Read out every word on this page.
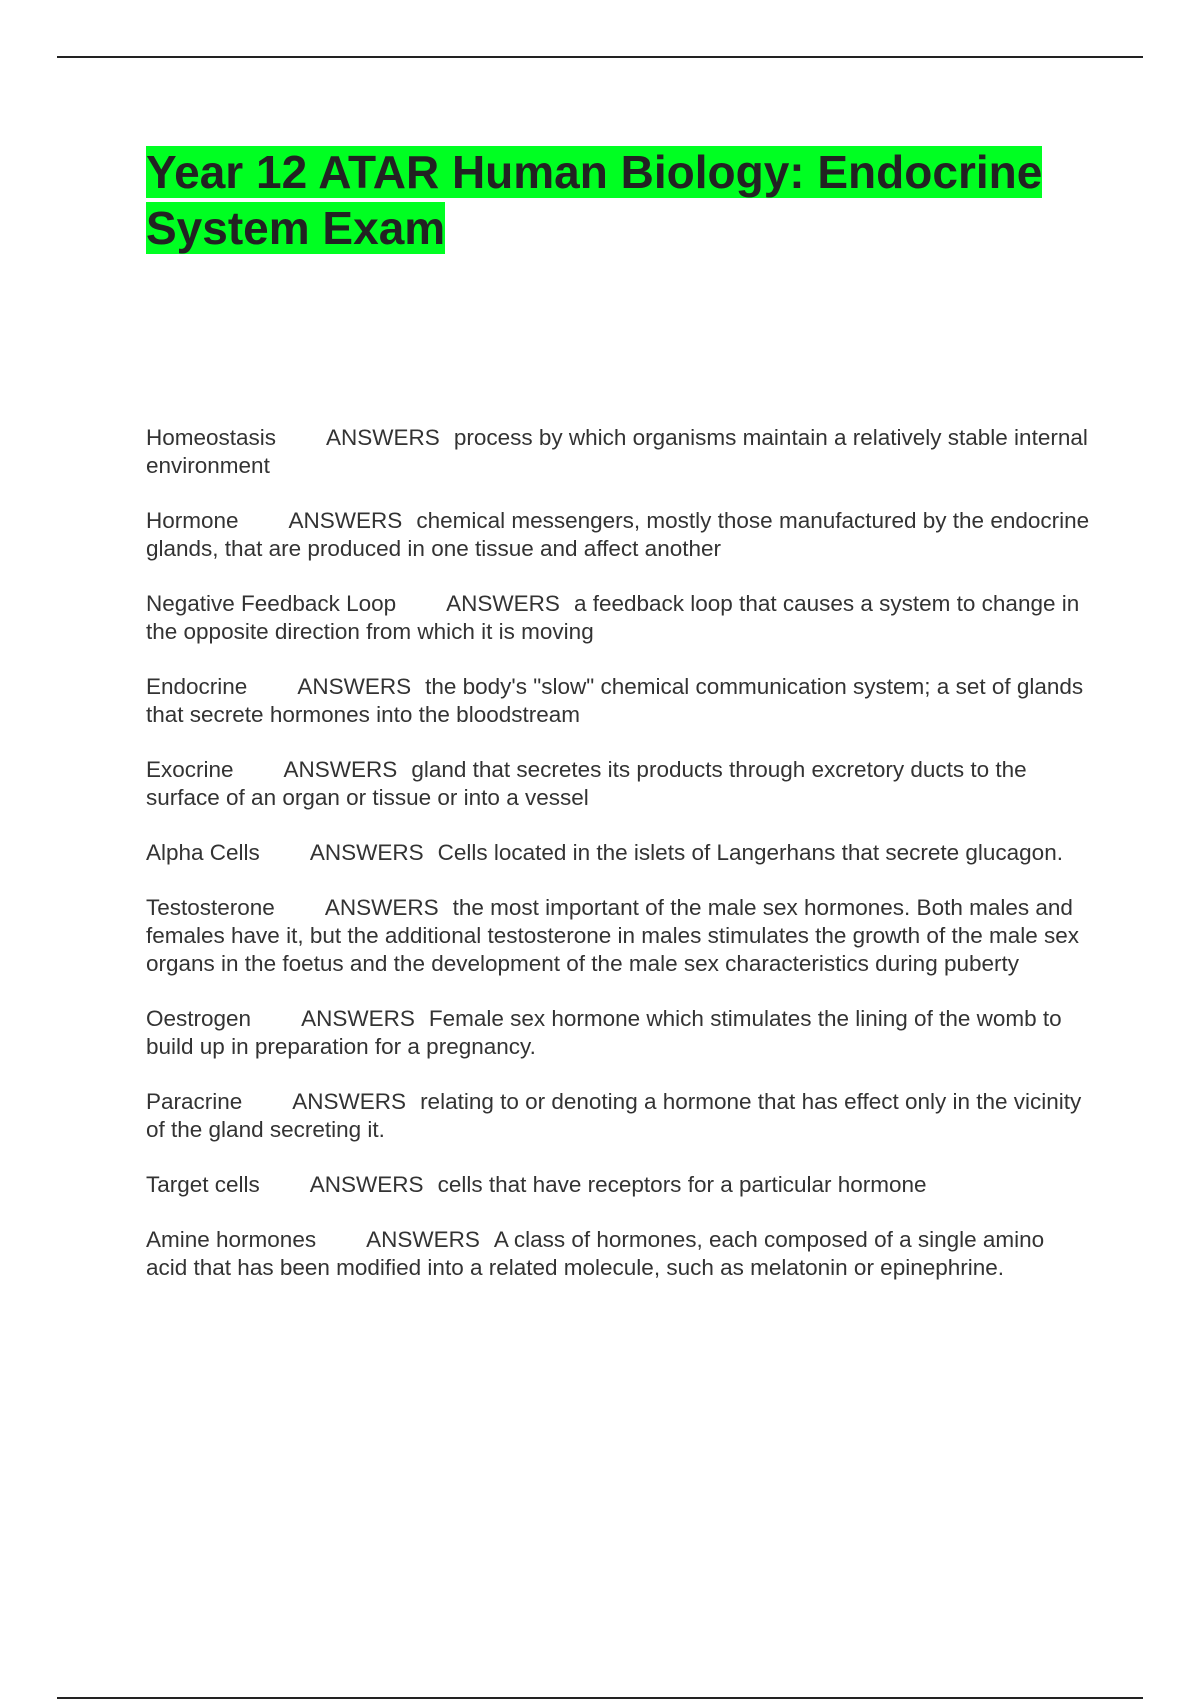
Year 12 ATAR Human Biology: Endocrine System Exam

Homeostasis ANSWERS process by which organisms maintain a relatively stable internal environment

Hormone ANSWERS chemical messengers, mostly those manufactured by the endocrine glands, that are produced in one tissue and affect another

Negative Feedback Loop ANSWERS a feedback loop that causes a system to change in the opposite direction from which it is moving

Endocrine ANSWERS the body's "slow" chemical communication system; a set of glands that secrete hormones into the bloodstream

Exocrine ANSWERS gland that secretes its products through excretory ducts to the surface of an organ or tissue or into a vessel

Alpha Cells ANSWERS Cells located in the islets of Langerhans that secrete glucagon.

Testosterone ANSWERS the most important of the male sex hormones. Both males and females have it, but the additional testosterone in males stimulates the growth of the male sex organs in the foetus and the development of the male sex characteristics during puberty

Oestrogen ANSWERS Female sex hormone which stimulates the lining of the womb to build up in preparation for a pregnancy.

Paracrine ANSWERS relating to or denoting a hormone that has effect only in the vicinity of the gland secreting it.

Target cells ANSWERS cells that have receptors for a particular hormone

Amine hormones ANSWERS A class of hormones, each composed of a single amino acid that has been modified into a related molecule, such as melatonin or epinephrine.
